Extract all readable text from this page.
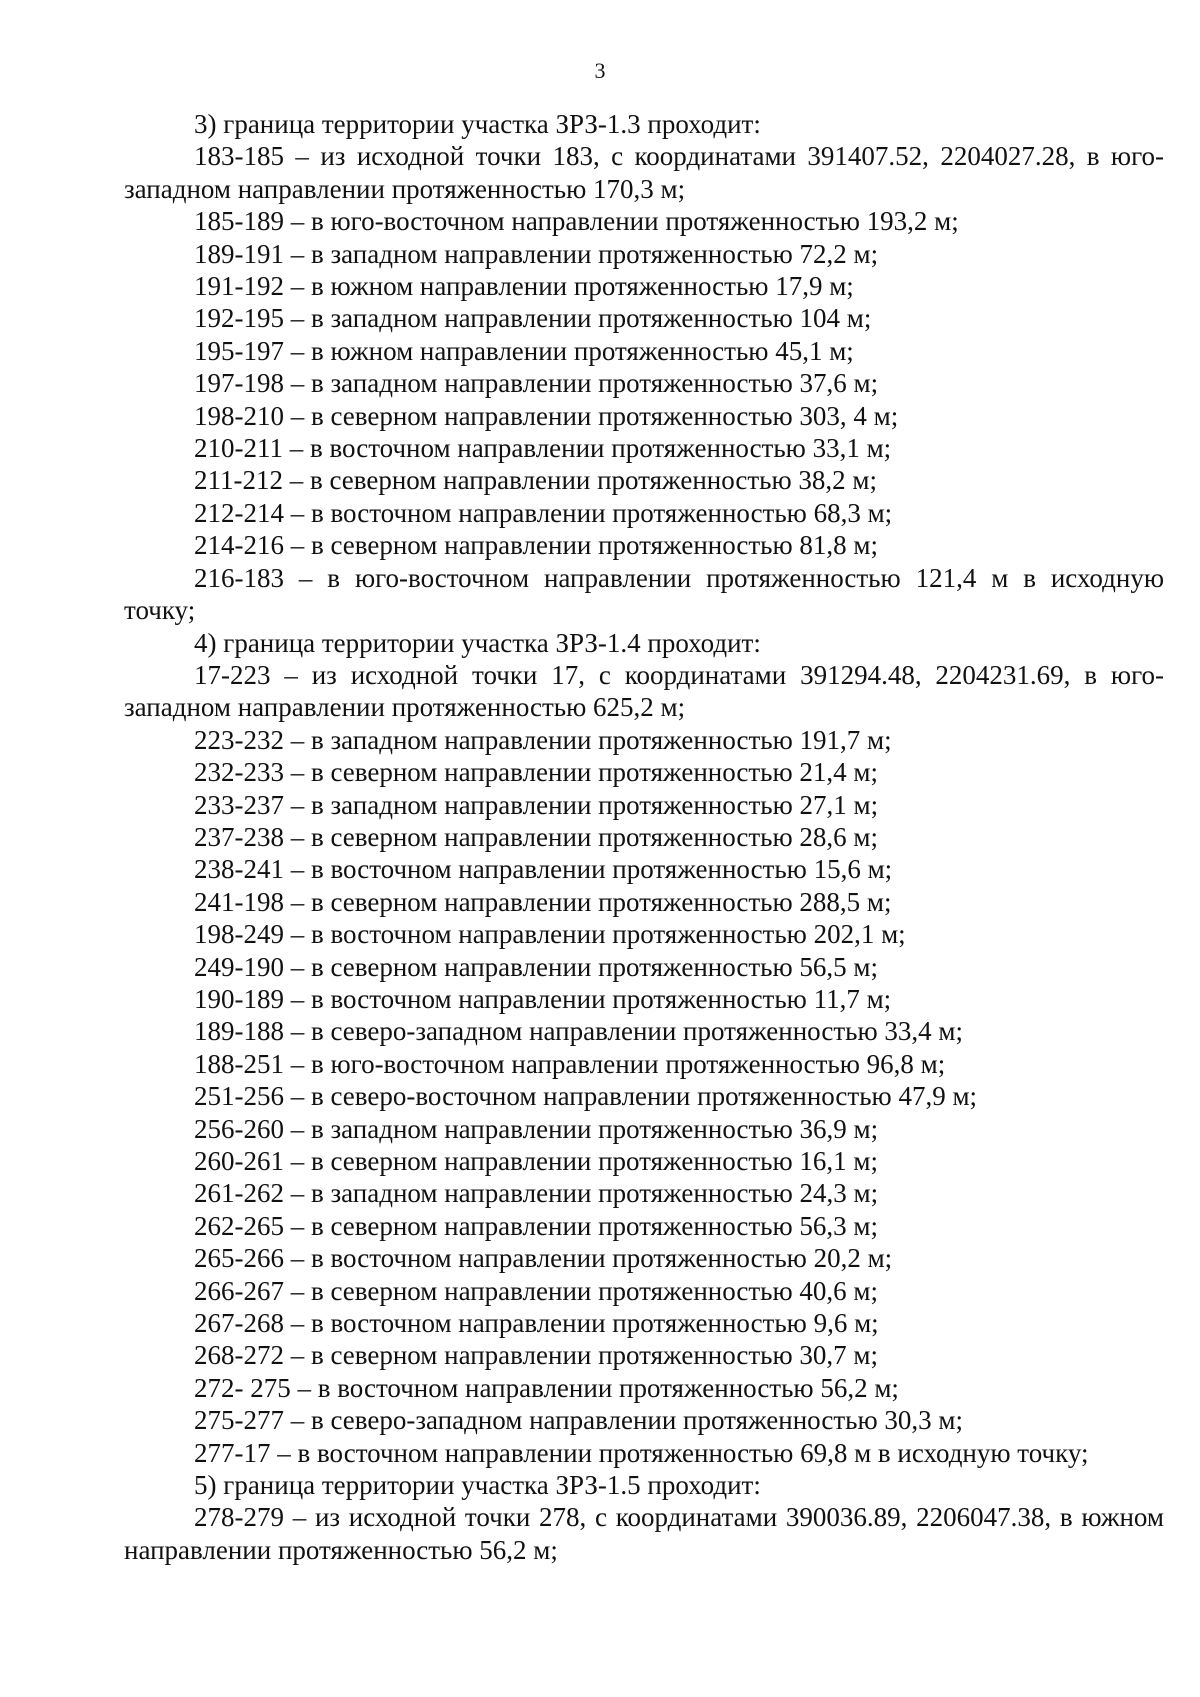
3

3) граница территории участка ЗРЗ-1.3 проходит:

183-185 – из исходной точки 183, с координатами 391407.52, 2204027.28, в юго-западном направлении протяженностью 170,3 м;

185-189 – в юго-восточном направлении протяженностью 193,2 м;

189-191 – в западном направлении протяженностью 72,2 м;

191-192 – в южном направлении протяженностью 17,9 м;

192-195 – в западном направлении протяженностью 104 м;

195-197 – в южном направлении протяженностью 45,1 м;

197-198 – в западном направлении протяженностью 37,6 м;

198-210 – в северном направлении протяженностью 303, 4 м;

210-211 – в восточном направлении протяженностью 33,1 м;

211-212 – в северном направлении протяженностью 38,2 м;

212-214 – в восточном направлении протяженностью 68,3 м;

214-216 – в северном направлении протяженностью 81,8 м;

216-183 – в юго-восточном направлении протяженностью 121,4 м в исходную точку;

4) граница территории участка ЗРЗ-1.4 проходит:

17-223 – из исходной точки 17, с координатами 391294.48, 2204231.69, в юго-западном направлении протяженностью 625,2 м;

223-232 – в западном направлении протяженностью 191,7 м;

232-233 – в северном направлении протяженностью 21,4 м;

233-237 – в западном направлении протяженностью 27,1 м;

237-238 – в северном направлении протяженностью 28,6 м;

238-241 – в восточном направлении протяженностью 15,6 м;

241-198 – в северном направлении протяженностью 288,5 м;

198-249 – в восточном направлении протяженностью 202,1 м;

249-190 – в северном направлении протяженностью 56,5 м;

190-189 – в восточном направлении протяженностью 11,7 м;

189-188 – в северо-западном направлении протяженностью 33,4 м;

188-251 – в юго-восточном направлении протяженностью 96,8 м;

251-256 – в северо-восточном направлении протяженностью 47,9 м;

256-260 – в западном направлении протяженностью 36,9 м;

260-261 – в северном направлении протяженностью 16,1 м;

261-262 – в западном направлении протяженностью 24,3 м;

262-265 – в северном направлении протяженностью 56,3 м;

265-266 – в восточном направлении протяженностью 20,2 м;

266-267 – в северном направлении протяженностью 40,6 м;

267-268 – в восточном направлении протяженностью 9,6 м;

268-272 – в северном направлении протяженностью 30,7 м;

272- 275 – в восточном направлении протяженностью 56,2 м;

275-277 – в северо-западном направлении протяженностью 30,3 м;

277-17 – в восточном направлении протяженностью 69,8 м в исходную точку;

5) граница территории участка ЗРЗ-1.5 проходит:

278-279 – из исходной точки 278, с координатами 390036.89, 2206047.38, в южном направлении протяженностью 56,2 м;
